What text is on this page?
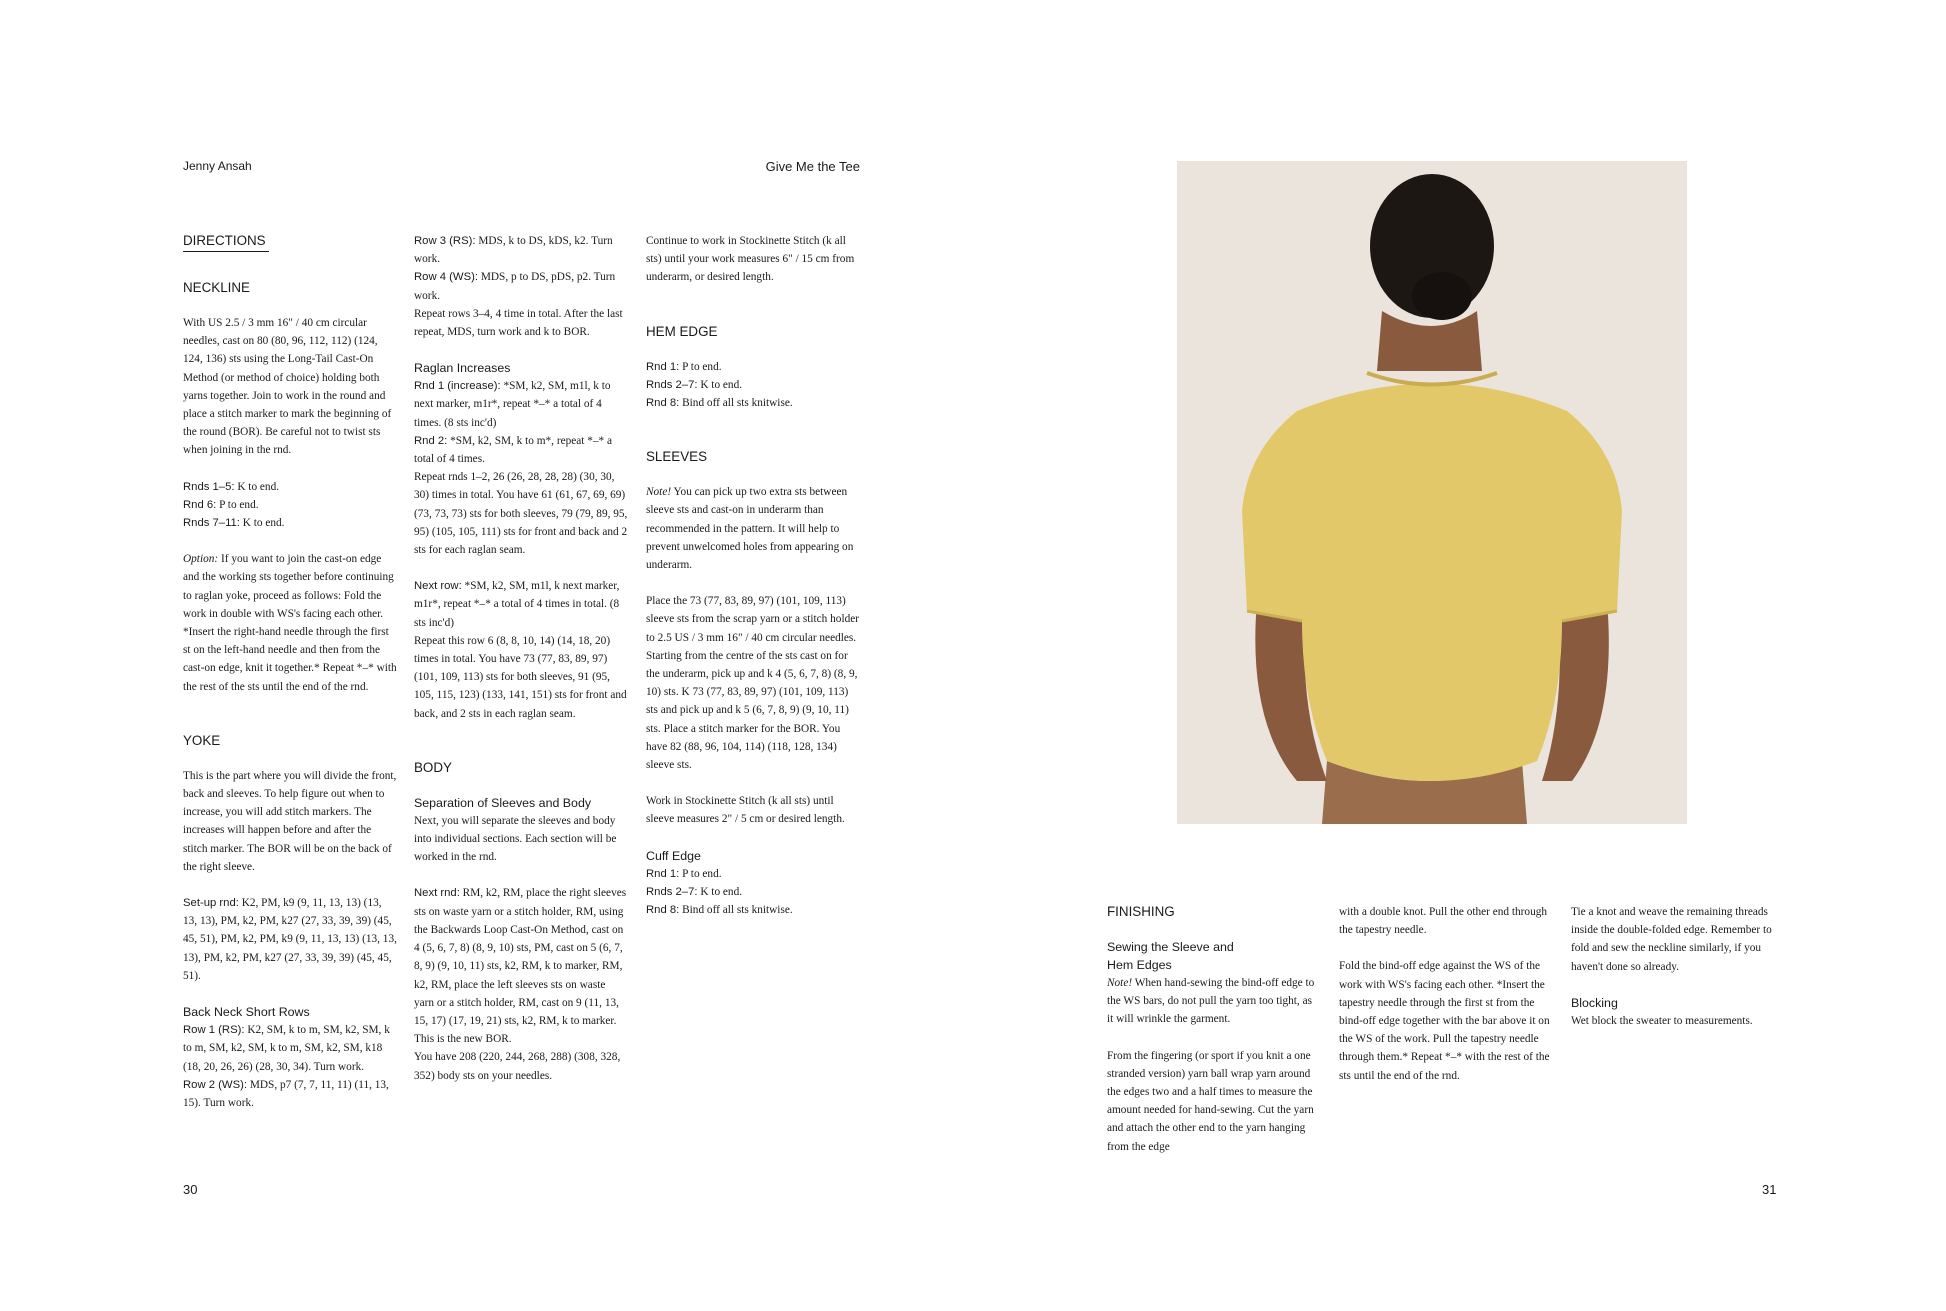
Jenny Ansah	Give Me the Tee
DIRECTIONS
NECKLINE

With US 2.5 / 3 mm 16" / 40 cm circular needles, cast on 80 (80, 96, 112, 112) (124, 124, 136) sts using the Long-Tail Cast-On Method (or method of choice) holding both yarns together. Join to work in the round and place a stitch marker to mark the beginning of the round (BOR). Be careful not to twist sts when joining in the rnd.

Rnds 1–5: K to end.

Rnd 6: P to end.

Rnds 7–11: K to end.

Option: If you want to join the cast-on edge and the working sts together before continuing to raglan yoke, proceed as follows: Fold the work in double with WS's facing each other. *Insert the right-hand needle through the first st on the left-hand needle and then from the cast-on edge, knit it together.* Repeat *–* with the rest of the sts until the end of the rnd.

YOKE

This is the part where you will divide the front, back and sleeves. To help figure out when to increase, you will add stitch markers. The increases will happen before and after the stitch marker. The BOR will be on the back of the right sleeve.

Set-up rnd: K2, PM, k9 (9, 11, 13, 13) (13, 13, 13), PM, k2, PM, k27 (27, 33, 39, 39) (45, 45, 51), PM, k2, PM, k9 (9, 11, 13, 13) (13, 13, 13), PM, k2, PM, k27 (27, 33, 39, 39) (45, 45, 51).

Back Neck Short Rows

Row 1 (RS): K2, SM, k to m, SM, k2, SM, k to m, SM, k2, SM, k to m, SM, k2, SM, k18 (18, 20, 26, 26) (28, 30, 34). Turn work.

Row 2 (WS): MDS, p7 (7, 7, 11, 11) (11, 13, 15). Turn work.

Row 3 (RS): MDS, k to DS, kDS, k2. Turn work.

Row 4 (WS): MDS, p to DS, pDS, p2. Turn work.

Repeat rows 3–4, 4 time in total. After the last repeat, MDS, turn work and k to BOR.

Raglan Increases

Rnd 1 (increase): *SM, k2, SM, m1l, k to next marker, m1r*, repeat *–* a total of 4 times. (8 sts inc'd)

Rnd 2: *SM, k2, SM, k to m*, repeat *–* a total of 4 times.

Repeat rnds 1–2, 26 (26, 28, 28, 28) (30, 30, 30) times in total. You have 61 (61, 67, 69, 69) (73, 73, 73) sts for both sleeves, 79 (79, 89, 95, 95) (105, 105, 111) sts for front and back and 2 sts for each raglan seam.

Next row: *SM, k2, SM, m1l, k next marker, m1r*, repeat *–* a total of 4 times in total. (8 sts inc'd)

Repeat this row 6 (8, 8, 10, 14) (14, 18, 20) times in total. You have 73 (77, 83, 89, 97) (101, 109, 113) sts for both sleeves, 91 (95, 105, 115, 123) (133, 141, 151) sts for front and back, and 2 sts in each raglan seam.

BODY
Separation of Sleeves and Body

Next, you will separate the sleeves and body into individual sections. Each section will be worked in the rnd.

Next rnd: RM, k2, RM, place the right sleeves sts on waste yarn or a stitch holder, RM, using the Backwards Loop Cast-On Method, cast on 4 (5, 6, 7, 8) (8, 9, 10) sts, PM, cast on 5 (6, 7, 8, 9) (9, 10, 11) sts, k2, RM, k to marker, RM, k2, RM, place the left sleeves sts on waste yarn or a stitch holder, RM, cast on 9 (11, 13, 15, 17) (17, 19, 21) sts, k2, RM, k to marker. This is the new BOR.

You have 208 (220, 244, 268, 288) (308, 328, 352) body sts on your needles.

Continue to work in Stockinette Stitch (k all sts) until your work measures 6" / 15 cm from underarm, or desired length.

HEM EDGE

Rnd 1: P to end.

Rnds 2–7: K to end.

Rnd 8: Bind off all sts knitwise.

SLEEVES

Note! You can pick up two extra sts between sleeve sts and cast-on in underarm than recommended in the pattern. It will help to prevent unwelcomed holes from appearing on underarm.

Place the 73 (77, 83, 89, 97) (101, 109, 113) sleeve sts from the scrap yarn or a stitch holder to 2.5 US / 3 mm 16" / 40 cm circular needles. Starting from the centre of the sts cast on for the underarm, pick up and k 4 (5, 6, 7, 8) (8, 9, 10) sts. K 73 (77, 83, 89, 97) (101, 109, 113) sts and pick up and k 5 (6, 7, 8, 9) (9, 10, 11) sts. Place a stitch marker for the BOR. You have 82 (88, 96, 104, 114) (118, 128, 134) sleeve sts.

Work in Stockinette Stitch (k all sts) until sleeve measures 2" / 5 cm or desired length.

Cuff Edge

Rnd 1: P to end.

Rnds 2–7: K to end.

Rnd 8: Bind off all sts knitwise.

30
FINISHING
Sewing the Sleeve and
Hem Edges

Note! When hand-sewing the bind-off edge to the WS bars, do not pull the yarn too tight, as it will wrinkle the garment.

From the fingering (or sport if you knit a one stranded version) yarn ball wrap yarn around the edges two and a half times to measure the amount needed for hand-sewing. Cut the yarn and attach the other end to the yarn hanging from the edge

with a double knot. Pull the other end through the tapestry needle.

Fold the bind-off edge against the WS of the work with WS's facing each other. *Insert the tapestry needle through the first st from the bind-off edge together with the bar above it on the WS of the work. Pull the tapestry needle through them.* Repeat *–* with the rest of the sts until the end of the rnd.

Tie a knot and weave the remaining threads inside the double-folded edge. Remember to fold and sew the neckline similarly, if you haven't done so already.

Blocking

Wet block the sweater to measurements.

31
